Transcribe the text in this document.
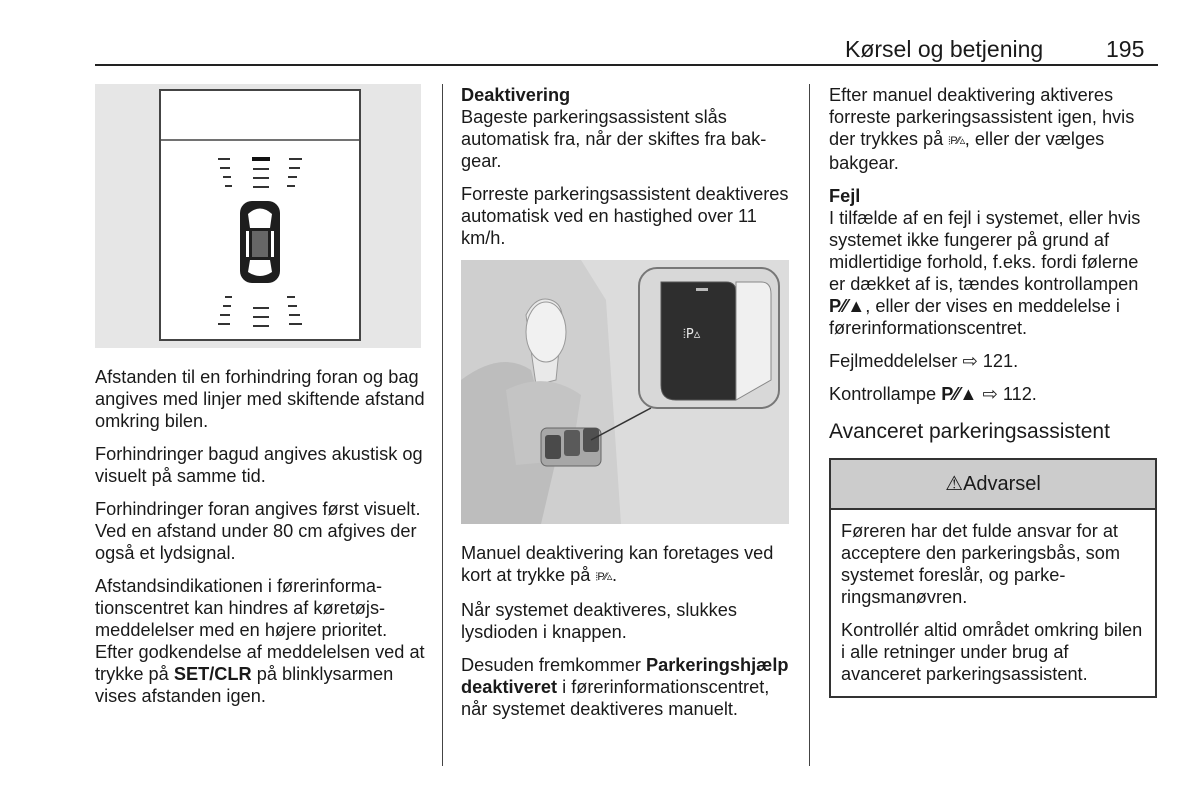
Kørsel og betjening	195

Afstanden til en forhindring foran og bag angives med linjer med skiftende afstand omkring bilen.

Forhindringer bagud angives akustisk og visuelt på samme tid.

Forhindringer foran angives først visuelt. Ved en afstand under 80 cm afgives der også et lydsignal.

Afstandsindikationen i førerinformationscentret kan hindres af køretøjsmeddelelser med en højere prioritet. Efter godkendelse af meddelelsen ved at trykke på SET/CLR på blinklysarmen vises afstanden igen.

Deaktivering

Bageste parkeringsassistent slås automatisk fra, når der skiftes fra bakgear.

Forreste parkeringsassistent deaktiveres automatisk ved en hastighed over 11 km/h.

⦙P▵

Manuel deaktivering kan foretages ved kort at trykke på ⦙P⁄⁄▵.

Når systemet deaktiveres, slukkes lysdioden i knappen.

Desuden fremkommer Parkeringshjælp deaktiveret i førerinformationscentret, når systemet deaktiveres manuelt.

Efter manuel deaktivering aktiveres forreste parkeringsassistent igen, hvis der trykkes på ⦙P⁄⁄▵, eller der vælges bakgear.

Fejl

I tilfælde af en fejl i systemet, eller hvis systemet ikke fungerer på grund af midlertidige forhold, f.eks. fordi følerne er dækket af is, tændes kontrollampen P⁄⁄▲, eller der vises en meddelelse i førerinformationscentret.

Fejlmeddelelser ⇨ 121.

Kontrollampe P⁄⁄▲ ⇨ 112.

Avanceret parkeringsassistent
⚠Advarsel

Føreren har det fulde ansvar for at acceptere den parkeringsbås, som systemet foreslår, og parkeringsmanøvren.

Kontrollér altid området omkring bilen i alle retninger under brug af avanceret parkeringsassistent.
